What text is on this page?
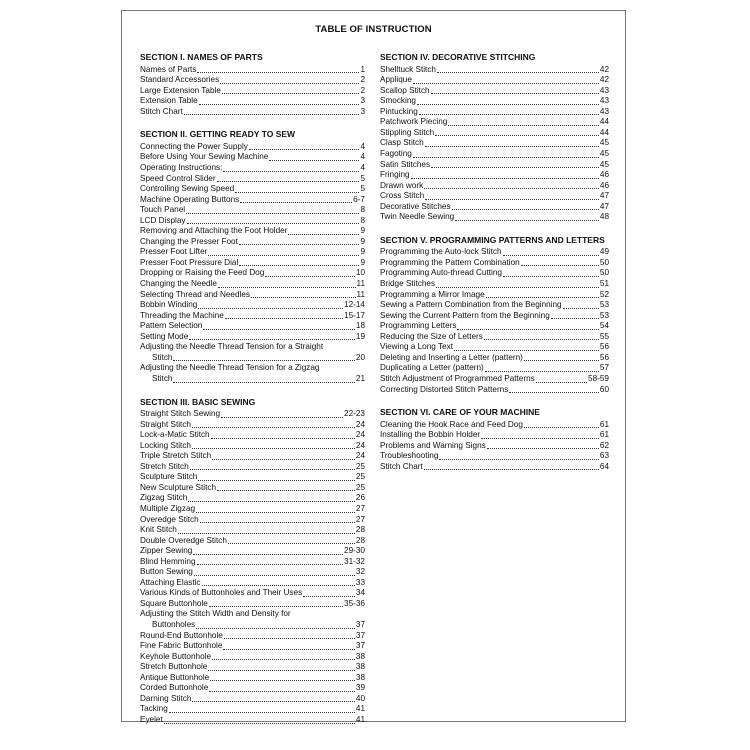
TABLE OF INSTRUCTION
SECTION I. NAMES OF PARTS
Names of Parts	1
Standard Accessories	2
Large Extension Table	2
Extension Table	3
Stitch Chart	3
SECTION II. GETTING READY TO SEW
Connecting the Power Supply	4
Before Using Your Sewing Machine	4
Operating Instructions:	4
Speed Control Slider	5
Controlling Sewing Speed	5
Machine Operating Buttons	6-7
Touch Panel	8
LCD Display	8
Removing and Attaching the Foot Holder	9
Changing the Presser Foot	9
Presser Foot Lifter	9
Presser Foot Pressure Dial	9
Dropping or Raising the Feed Dog	10
Changing the Needle	11
Selecting Thread and Needles	11
Bobbin Winding	12-14
Threading the Machine	15-17
Pattern Selection	18
Setting Mode	19
Adjusting the Needle Thread Tension for a Straight
Stitch	20
Adjusting the Needle Thread Tension for a Zigzag
Stitch	21
SECTION III. BASIC SEWING
Straight Stitch Sewing	22-23
Straight Stitch	24
Lock-a-Matic Stitch	24
Locking Stitch	24
Triple Stretch Stitch	24
Stretch Stitch	25
Sculpture Stitch	25
New Sculpture Stitch	25
Zigzag Stitch	26
Multiple Zigzag	27
Overedge Stitch	27
Knit Stitch	28
Double Overedge Stitch	28
Zipper Sewing	29-30
Blind Hemming	31-32
Button Sewing	32
Attaching Elastic	33
Various Kinds of Buttonholes and Their Uses	34
Square Buttonhole	35-36
Adjusting the Stitch Width and Density for
Buttonholes	37
Round-End Buttonhole	37
Fine Fabric Buttonhole	37
Keyhole Buttonhole	38
Stretch Buttonhole	38
Antique Buttonhole	38
Corded Buttonhole	39
Darning Stitch	40
Tacking	41
Eyelet	41
SECTION IV. DECORATIVE STITCHING
Shelltuck Stitch	42
Applique	42
Scallop Stitch	43
Smocking	43
Pintucking	43
Patchwork Piecing	44
Stippling Stitch	44
Clasp Stitch	45
Fagoting	45
Satin Stitches	45
Fringing	46
Drawn work	46
Cross Stitch	47
Decorative Stitches	47
Twin Needle Sewing	48
SECTION V. PROGRAMMING PATTERNS AND LETTERS
Programming the Auto-lock Stitch	49
Programming the Pattern Combination	50
Programming Auto-thread Cutting	50
Bridge Stitches	51
Programming a Mirror Image	52
Sewing a Pattern Combination from the Beginning	53
Sewing the Current Pattern from the Beginning	53
Programming Letters	54
Reducing the Size of Letters	55
Viewing a Long Text	56
Deleting and Inserting a Letter (pattern)	56
Duplicating a Letter (pattern)	57
Stitch Adjustment of Programmed Patterns	58-59
Correcting Distorted Stitch Patterns	60
SECTION VI. CARE OF YOUR MACHINE
Cleaning the Hook Race and Feed Dog	61
Installing the Bobbin Holder	61
Problems and Warning Signs	62
Troubleshooting	63
Stitch Chart	64
